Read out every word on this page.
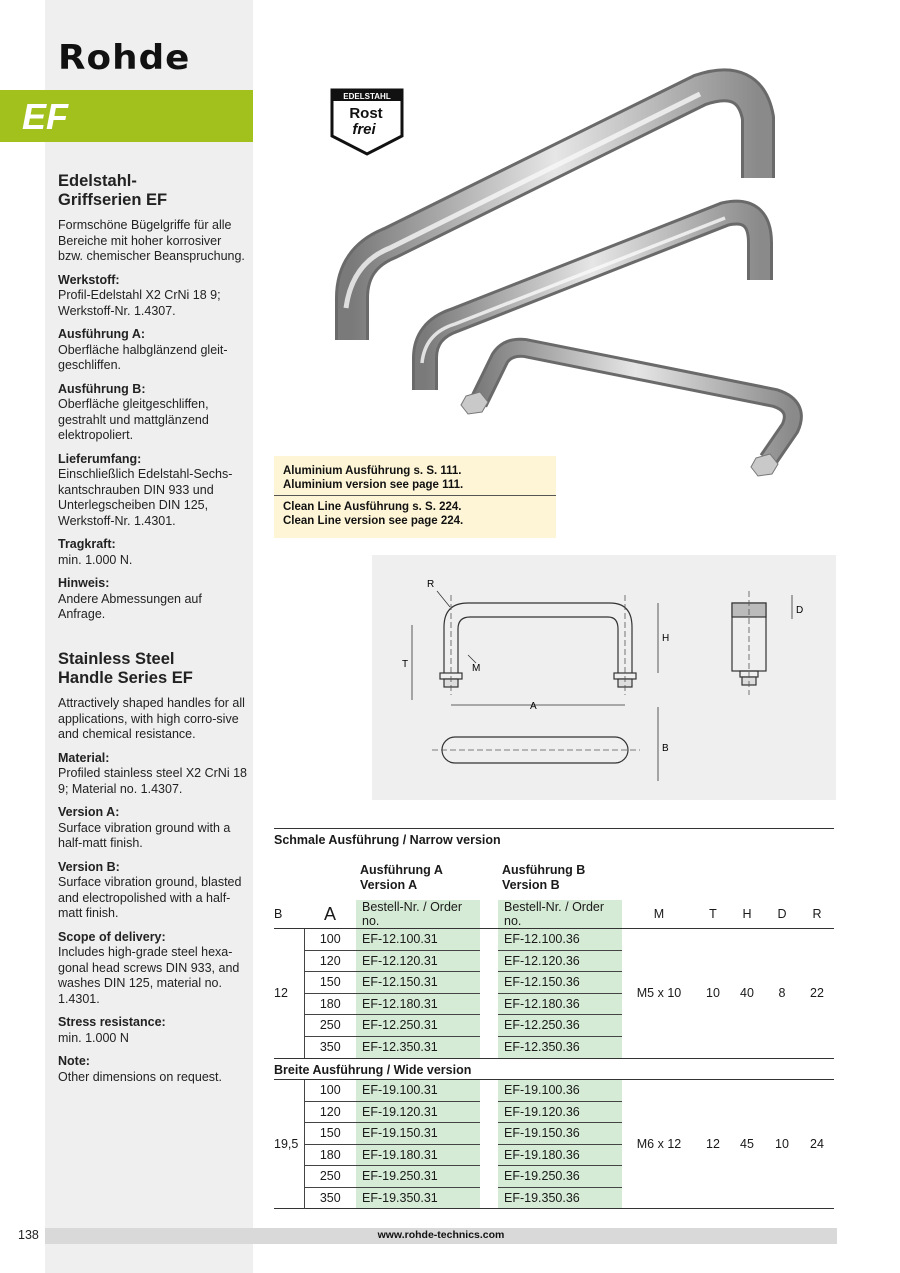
Rohde
EF
Edelstahl-
Griffserien EF

Formschöne Bügelgriffe für alle Bereiche mit hoher korrosiver bzw. chemischer Beanspruchung.

Werkstoff:

Profil-Edelstahl X2 CrNi 18 9; Werkstoff-Nr. 1.4307.

Ausführung A:

Oberfläche halbglänzend gleit-geschliffen.

Ausführung B:

Oberfläche gleitgeschliffen, gestrahlt und mattglänzend elektropoliert.

Lieferumfang:

Einschließlich Edelstahl-Sechs-kantschrauben DIN 933 und Unterlegscheiben DIN 125, Werkstoff-Nr. 1.4301.

Tragkraft:

min. 1.000 N.

Hinweis:

Andere Abmessungen auf Anfrage.

Stainless Steel
Handle Series EF

Attractively shaped handles for all applications, with high corro-sive and chemical resistance.

Material:

Profiled stainless steel X2 CrNi 18 9; Material no. 1.4307.

Version A:

Surface vibration ground with a half-matt finish.

Version B:

Surface vibration ground, blasted and electropolished with a half-matt finish.

Scope of delivery:

Includes high-grade steel hexa-gonal head screws DIN 933, and washes DIN 125, material no. 1.4301.

Stress resistance:

min. 1.000 N

Note:

Other dimensions on request.

EDELSTAHL
Rost
frei
Aluminium Ausführung s. S. 111.
Aluminium version see page 111.
Clean Line Ausführung s. S. 224.
Clean Line version see page 224.
R
T	M
H
A
B
D
Schmale Ausführung / Narrow version
Ausführung A
Version A
Ausführung B
Version B
B	A	Bestell-Nr. / Order no.		Bestell-Nr. / Order no.	M	T	H	D	R
12	100	EF-12.100.31		EF-12.100.36	M5 x 10	10	40	8	22
	120	EF-12.120.31		EF-12.120.36					
	150	EF-12.150.31		EF-12.150.36					
	180	EF-12.180.31		EF-12.180.36					
	250	EF-12.250.31		EF-12.250.36					
	350	EF-12.350.31		EF-12.350.36					
Breite Ausführung / Wide version
19,5	100	EF-19.100.31		EF-19.100.36	M6 x 12	12	45	10	24
	120	EF-19.120.31		EF-19.120.36					
	150	EF-19.150.31		EF-19.150.36					
	180	EF-19.180.31		EF-19.180.36					
	250	EF-19.250.31		EF-19.250.36					
	350	EF-19.350.31		EF-19.350.36					
138	www.rohde-technics.com
